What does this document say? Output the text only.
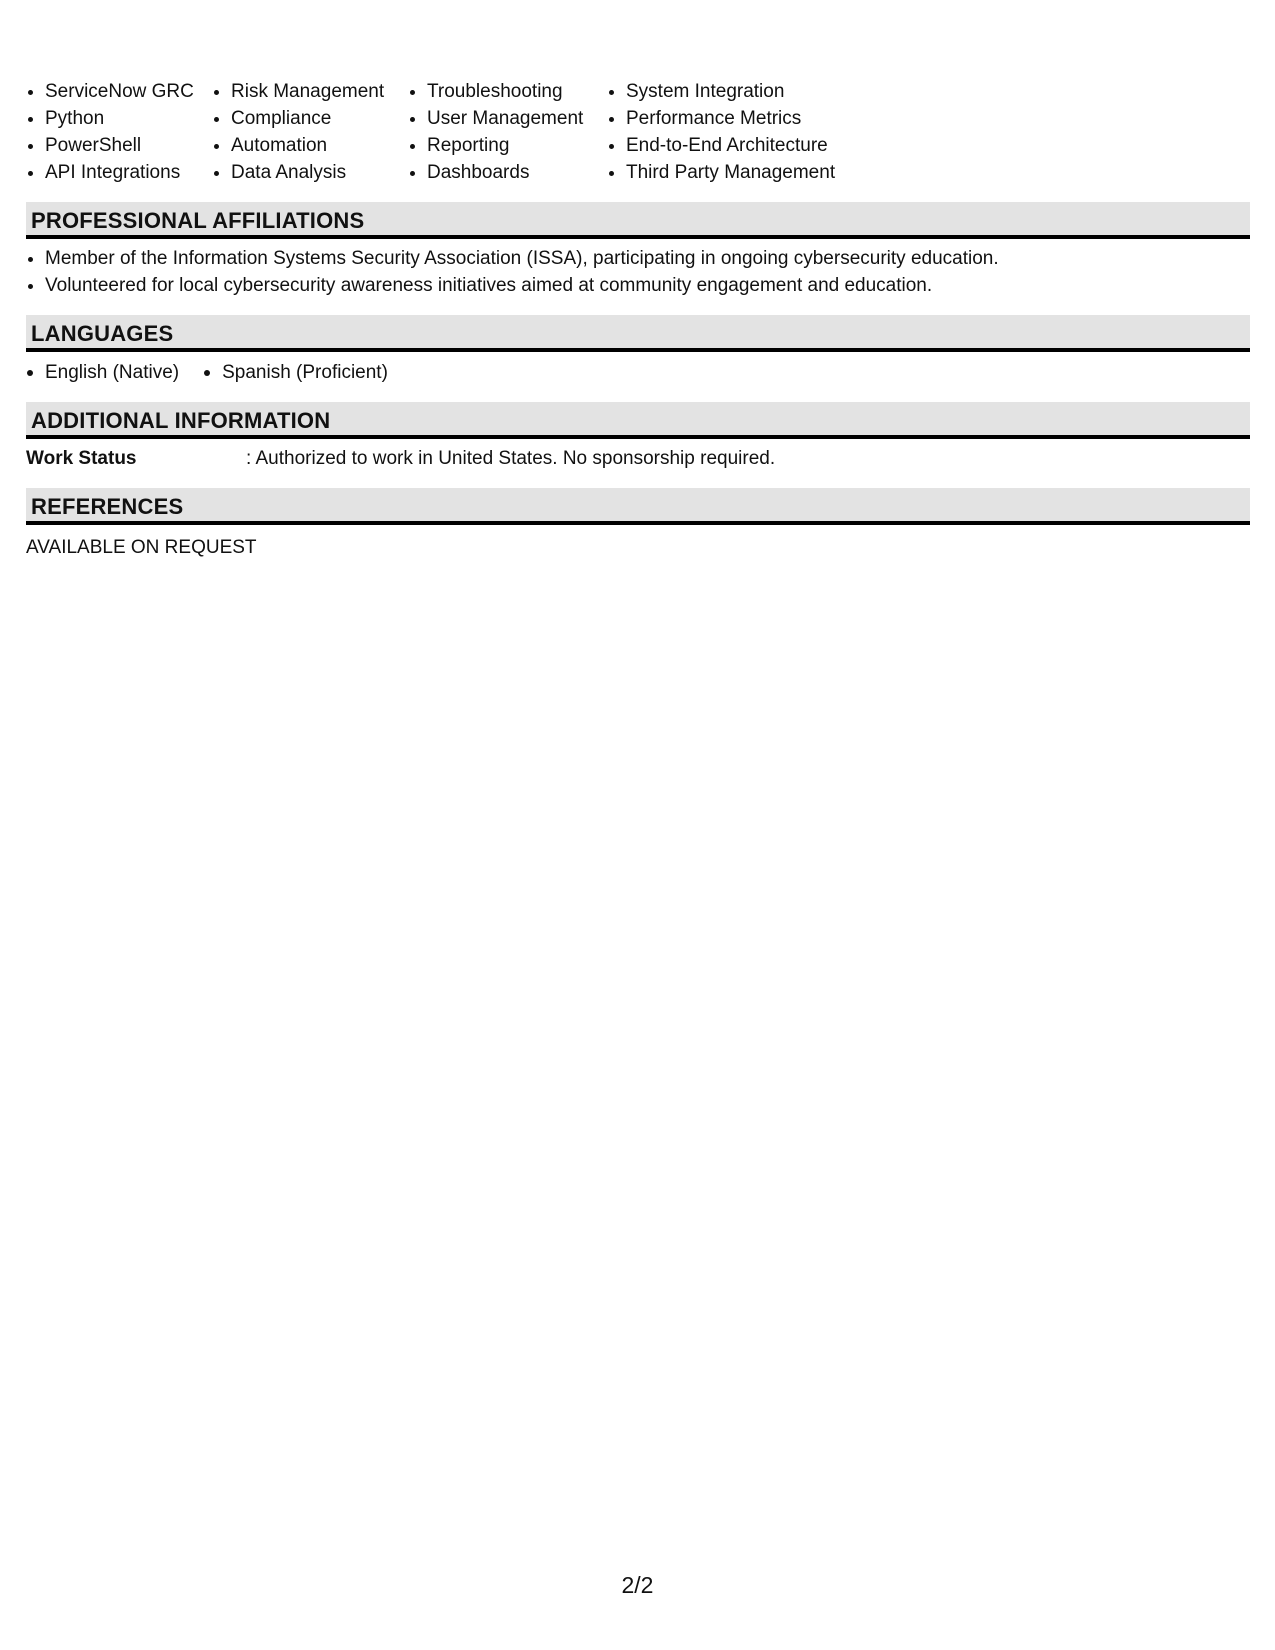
• ServiceNow GRC
• Python
• PowerShell
• API Integrations
• Risk Management
• Compliance
• Automation
• Data Analysis
• Troubleshooting
• User Management
• Reporting
• Dashboards
• System Integration
• Performance Metrics
• End-to-End Architecture
• Third Party Management
PROFESSIONAL AFFILIATIONS
• Member of the Information Systems Security Association (ISSA), participating in ongoing cybersecurity education.
• Volunteered for local cybersecurity awareness initiatives aimed at community engagement and education.
LANGUAGES
English (Native)	Spanish (Proficient)
ADDITIONAL INFORMATION
Work Status	: Authorized to work in United States. No sponsorship required.
REFERENCES
AVAILABLE ON REQUEST
2/2
